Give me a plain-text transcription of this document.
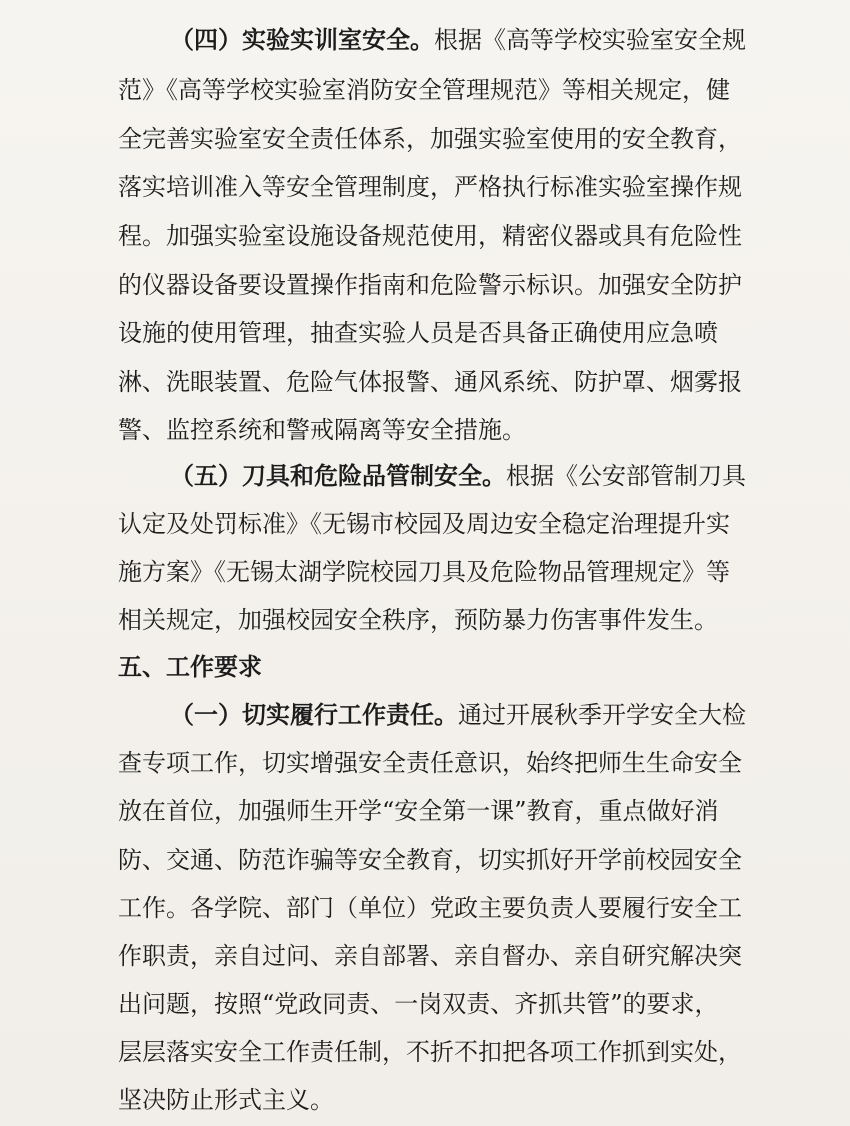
（四）实验实训室安全。根据《高等学校实验室安全规
范》《高等学校实验室消防安全管理规范》等相关规定，健
全完善实验室安全责任体系，加强实验室使用的安全教育，
落实培训准入等安全管理制度，严格执行标准实验室操作规
程。加强实验室设施设备规范使用，精密仪器或具有危险性
的仪器设备要设置操作指南和危险警示标识。加强安全防护
设施的使用管理，抽查实验人员是否具备正确使用应急喷
淋、洗眼装置、危险气体报警、通风系统、防护罩、烟雾报
警、监控系统和警戒隔离等安全措施。
（五）刀具和危险品管制安全。根据《公安部管制刀具
认定及处罚标准》《无锡市校园及周边安全稳定治理提升实
施方案》《无锡太湖学院校园刀具及危险物品管理规定》等
相关规定，加强校园安全秩序，预防暴力伤害事件发生。
五、工作要求
（一）切实履行工作责任。通过开展秋季开学安全大检
查专项工作，切实增强安全责任意识，始终把师生生命安全
放在首位，加强师生开学“安全第一课”教育，重点做好消
防、交通、防范诈骗等安全教育，切实抓好开学前校园安全
工作。各学院、部门（单位）党政主要负责人要履行安全工
作职责，亲自过问、亲自部署、亲自督办、亲自研究解决突
出问题，按照“党政同责、一岗双责、齐抓共管”的要求，
层层落实安全工作责任制，不折不扣把各项工作抓到实处，
坚决防止形式主义。
